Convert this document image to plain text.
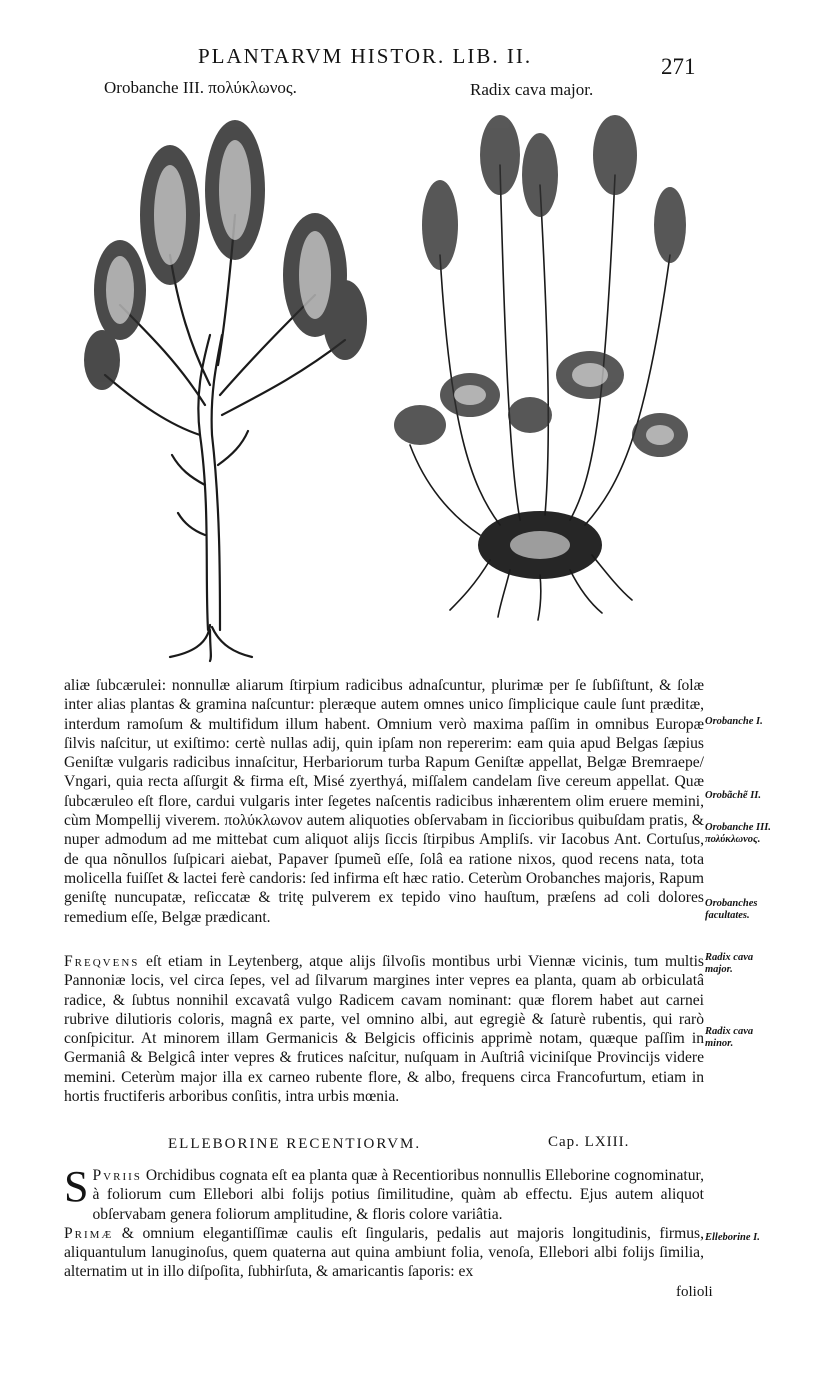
PLANTARVM HISTOR. LIB. II.	271
Orobanche III. πολύκλωνος.	Radix cava major.

aliæ ſubcærulei: nonnullæ aliarum ſtirpium radicibus adnaſcuntur, plurimæ per ſe ſubſiſtunt, & ſolæ inter alias plantas & gramina naſcuntur: pleræque autem omnes unico ſimplicique caule ſunt præditæ, interdum ramoſum & multifidum illum habent. Omnium verò maxima paſſim in omnibus Europæ ſilvis naſcitur, ut exiſtimo: certè nullas adij, quin ipſam non repererim: eam quia apud Belgas ſæpius Geniſtæ vulgaris radicibus innaſcitur, Herbariorum turba Rapum Geniſtæ appellat, Belgæ Bremraepe/ Vngari, quia recta aſſurgit & firma eſt, Misé zyerthyá, miſſalem candelam ſive cereum appellat. Quæ ſubcæruleo eſt flore, cardui vulgaris inter ſegetes naſcentis radicibus inhærentem olim eruere memini, cùm Mompellij viverem. πολύκλωνον autem aliquoties obſervabam in ſiccioribus quibuſdam pratis, & nuper admodum ad me mittebat cum aliquot alijs ſiccis ſtirpibus Ampliſs. vir Iacobus Ant. Cortuſus, de qua nõnullos ſuſpicari aiebat, Papaver ſpumeũ eſſe, ſolâ ea ratione nixos, quod recens nata, tota molicella fuiſſet & lactei ferè candoris: ſed infirma eſt hæc ratio. Ceterùm Orobanches majoris, Rapum geniſtę nuncupatæ, reſiccatæ & tritę pulverem ex tepido vino hauſtum, præſens ad coli dolores remedium eſſe, Belgæ prædicant.

Freqvens eſt etiam in Leytenberg, atque alijs ſilvoſis montibus urbi Viennæ vicinis, tum multis Pannoniæ locis, vel circa ſepes, vel ad ſilvarum margines inter vepres ea planta, quam ab orbiculatâ radice, & ſubtus nonnihil excavatâ vulgo Radicem cavam nominant: quæ florem habet aut carnei rubrive dilutioris coloris, magnâ ex parte, vel omnino albi, aut egregiè & ſaturè rubentis, qui rarò conſpicitur. At minorem illam Germanicis & Belgicis officinis apprimè notam, quæque paſſim in Germaniâ & Belgicâ inter vepres & frutices naſcitur, nuſquam in Auſtriâ viciniſque Provincijs videre memini. Ceterùm major illa ex carneo rubente flore, & albo, frequens circa Francofurtum, etiam in hortis fructiferis arboribus conſitis, intra urbis mœnia.

ELLEBORINE RECENTIORVM.	Cap. LXIII.

S Pvriis Orchidibus cognata eſt ea planta quæ à Recentioribus nonnullis Elleborine cognominatur, à foliorum cum Ellebori albi folijs potius ſimilitudine, quàm ab effectu. Ejus autem aliquot obſervabam genera foliorum amplitudine, & floris colore variâtia.

Primæ & omnium elegantiſſimæ caulis eſt ſingularis, pedalis aut majoris longitudinis, firmus, aliquantulum lanuginoſus, quem quaterna aut quina ambiunt folia, venoſa, Ellebori albi folijs ſimilia, alternatim ut in illo diſpoſita, ſubhirſuta, & amaricantis ſaporis: ex

folioli
Orobanche I.
Orobãchẽ II.
Orobanche III. πολύκλωνος.
Orobanches facultates.
Radix cava major.
Radix cava minor.
Elleborine I.
